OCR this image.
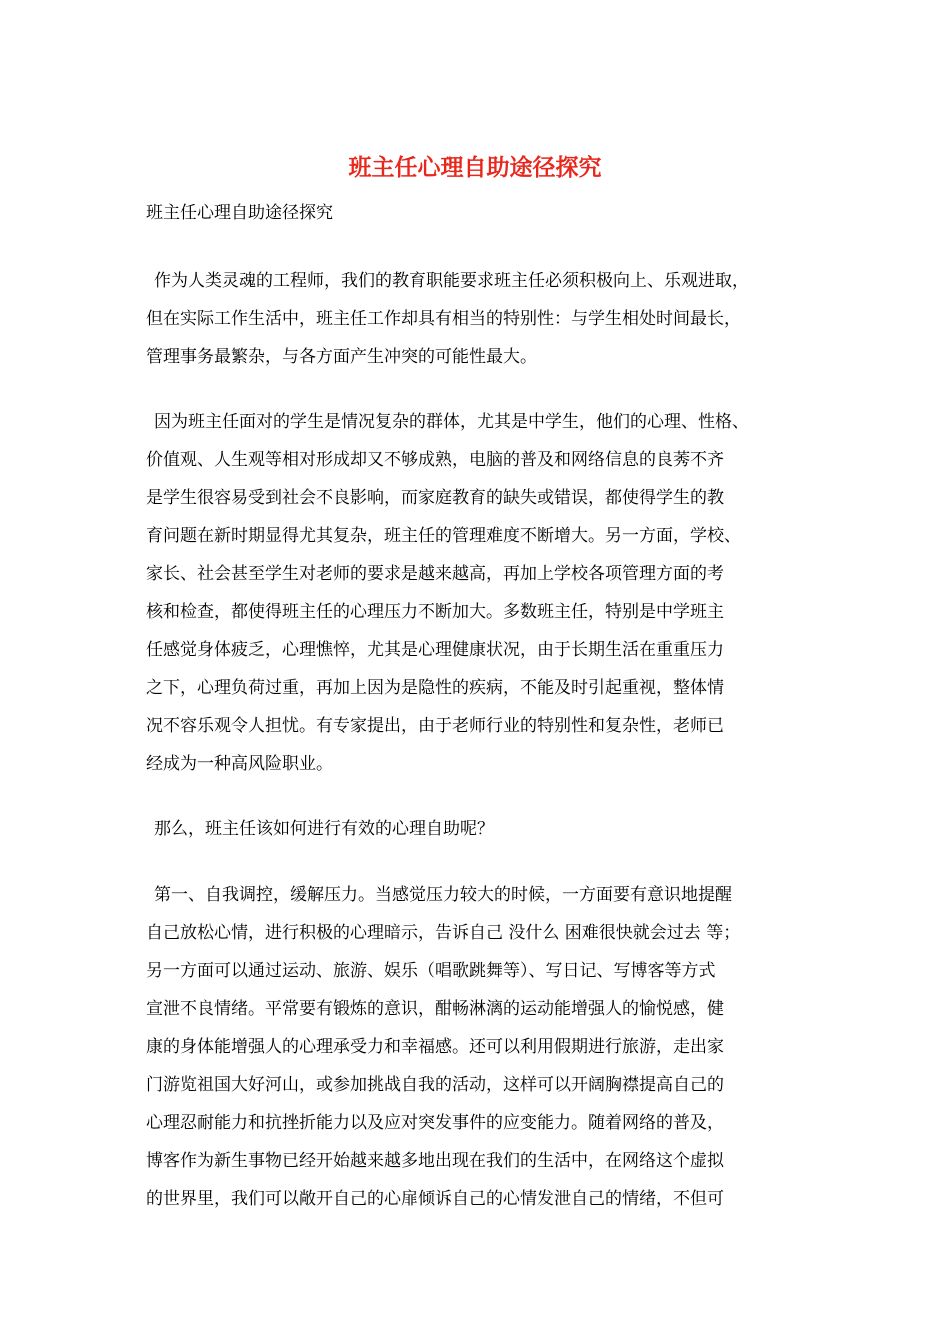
班主任心理自助途径探究

班主任心理自助途径探究

作为人类灵魂的工程师，我们的教育职能要求班主任必须积极向上、乐观进取，
但在实际工作生活中，班主任工作却具有相当的特别性：与学生相处时间最长，
管理事务最繁杂，与各方面产生冲突的可能性最大。
因为班主任面对的学生是情况复杂的群体，尤其是中学生，他们的心理、性格、
价值观、人生观等相对形成却又不够成熟，电脑的普及和网络信息的良莠不齐
是学生很容易受到社会不良影响，而家庭教育的缺失或错误，都使得学生的教
育问题在新时期显得尤其复杂，班主任的管理难度不断增大。另一方面，学校、
家长、社会甚至学生对老师的要求是越来越高，再加上学校各项管理方面的考
核和检查，都使得班主任的心理压力不断加大。多数班主任，特别是中学班主
任感觉身体疲乏，心理憔悴，尤其是心理健康状况，由于长期生活在重重压力
之下，心理负荷过重，再加上因为是隐性的疾病，不能及时引起重视，整体情
况不容乐观令人担忧。有专家提出，由于老师行业的特别性和复杂性，老师已
经成为一种高风险职业。
那么，班主任该如何进行有效的心理自助呢？
第一、自我调控，缓解压力。当感觉压力较大的时候，一方面要有意识地提醒
自己放松心情，进行积极的心理暗示，告诉自己 没什么 困难很快就会过去 等；
另一方面可以通过运动、旅游、娱乐（唱歌跳舞等）、写日记、写博客等方式
宣泄不良情绪。平常要有锻炼的意识，酣畅淋漓的运动能增强人的愉悦感，健
康的身体能增强人的心理承受力和幸福感。还可以利用假期进行旅游，走出家
门游览祖国大好河山，或参加挑战自我的活动，这样可以开阔胸襟提高自己的
心理忍耐能力和抗挫折能力以及应对突发事件的应变能力。随着网络的普及，
博客作为新生事物已经开始越来越多地出现在我们的生活中，在网络这个虚拟
的世界里，我们可以敞开自己的心扉倾诉自己的心情发泄自己的情绪，不但可
